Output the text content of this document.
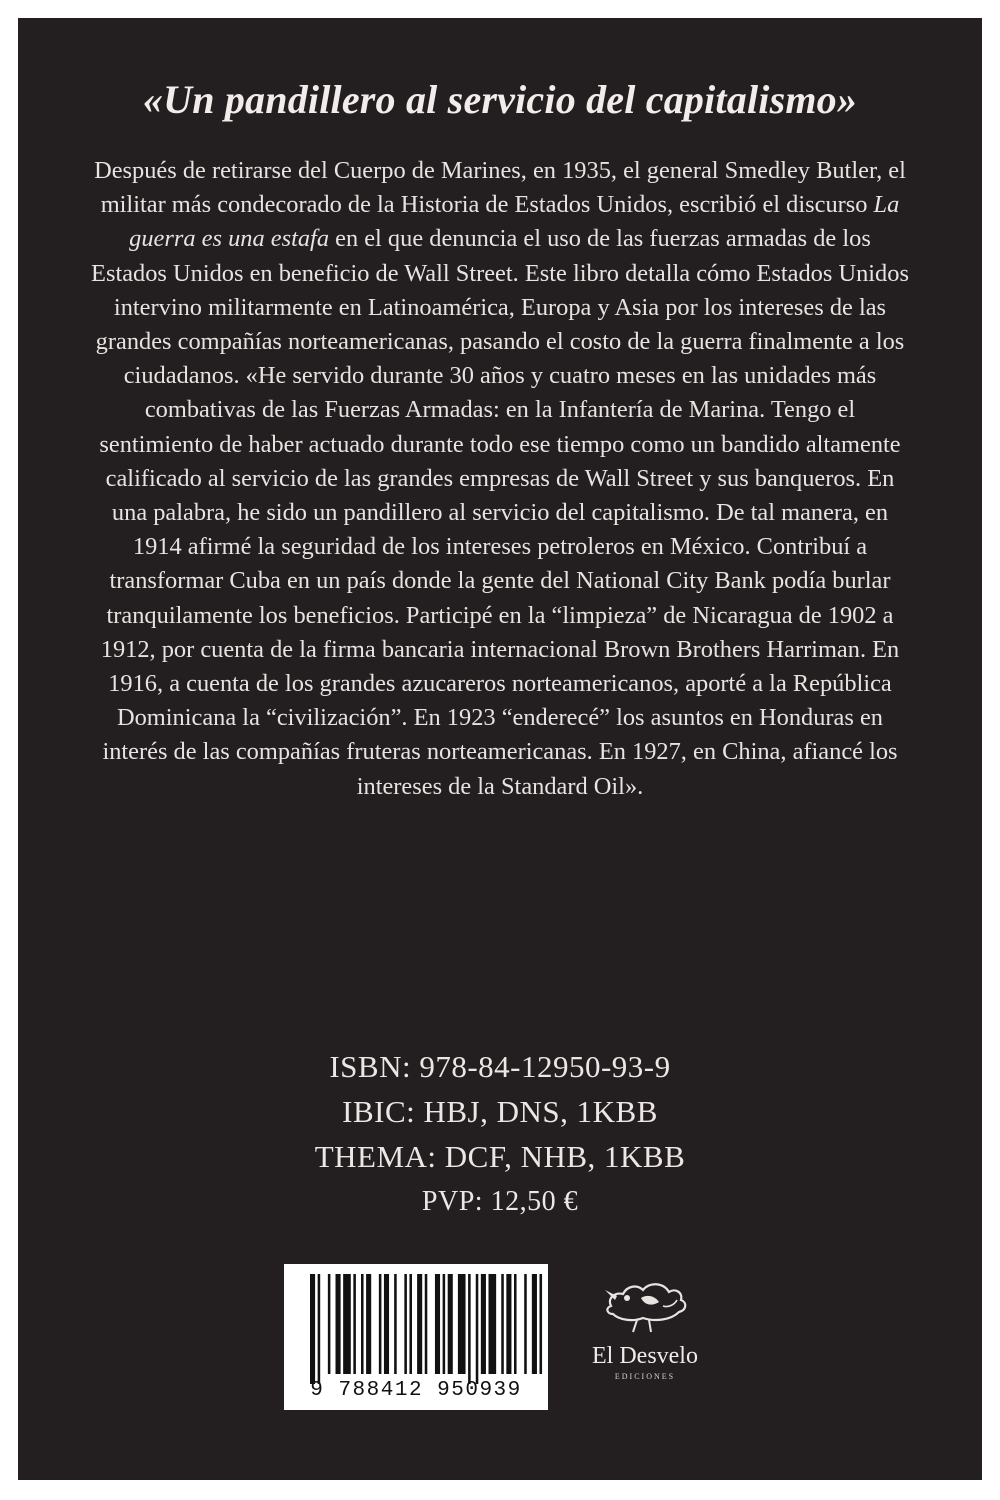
«Un pandillero al servicio del capitalismo»

Después de retirarse del Cuerpo de Marines, en 1935, el general Smedley Butler, el militar más condecorado de la Historia de Estados Unidos, escribió el discurso La guerra es una estafa en el que denuncia el uso de las fuerzas armadas de los Estados Unidos en beneficio de Wall Street. Este libro detalla cómo Estados Unidos intervino militarmente en Latinoamérica, Europa y Asia por los intereses de las grandes compañías norteamericanas, pasando el costo de la guerra finalmente a los ciudadanos. «He servido durante 30 años y cuatro meses en las unidades más combativas de las Fuerzas Armadas: en la Infantería de Marina. Tengo el sentimiento de haber actuado durante todo ese tiempo como un bandido altamente calificado al servicio de las grandes empresas de Wall Street y sus banqueros. En una palabra, he sido un pandillero al servicio del capitalismo. De tal manera, en 1914 afirmé la seguridad de los intereses petroleros en México. Contribuí a transformar Cuba en un país donde la gente del National City Bank podía burlar tranquilamente los beneficios. Participé en la “limpieza” de Nicaragua de 1902 a 1912, por cuenta de la firma bancaria internacional Brown Brothers Harriman. En 1916, a cuenta de los grandes azucareros norteamericanos, aporté a la República Dominicana la “civilización”. En 1923 “enderecé” los asuntos en Honduras en interés de las compañías fruteras norteamericanas. En 1927, en China, afiancé los intereses de la Standard Oil».

ISBN: 978-84-12950-93-9
IBIC: HBJ, DNS, 1KBB
THEMA: DCF, NHB, 1KBB
PVP: 12,50 €
9 788412 950939
El Desvelo
EDICIONES
